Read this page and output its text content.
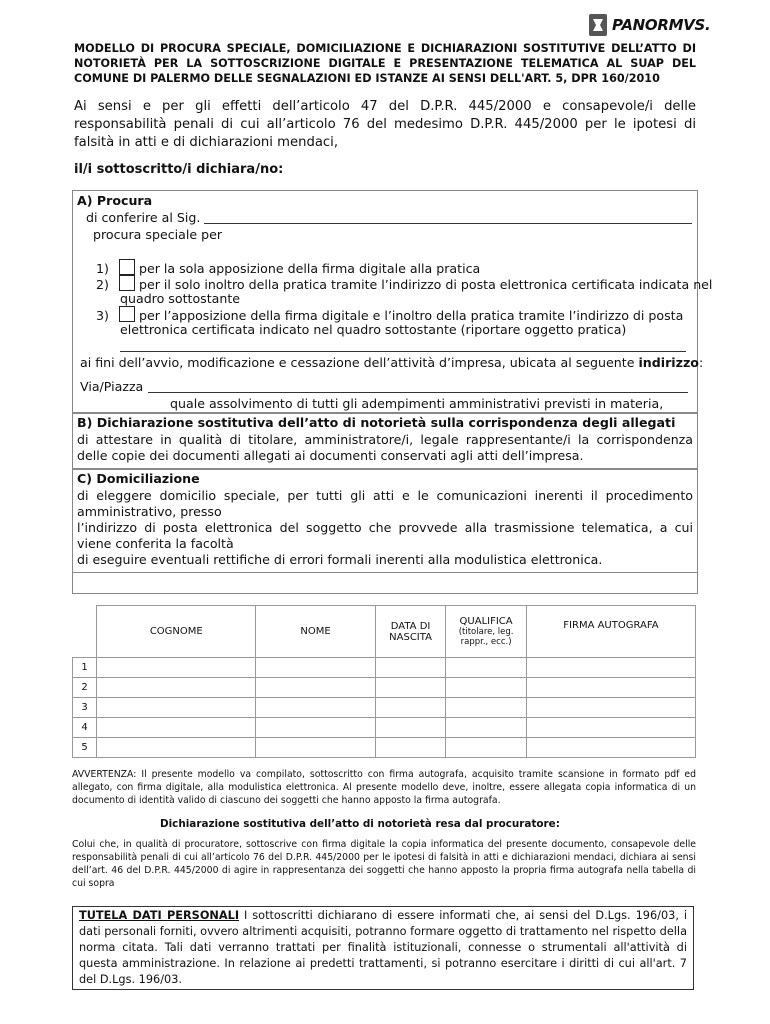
PANORMVS.
MODELLO DI PROCURA SPECIALE, DOMICILIAZIONE E DICHIARAZIONI SOSTITUTIVE DELL’ATTO DI NOTORIETÀ PER LA SOTTOSCRIZIONE DIGITALE E PRESENTAZIONE TELEMATICA AL SUAP DEL COMUNE DI PALERMO DELLE SEGNALAZIONI ED ISTANZE AI SENSI DELL'ART. 5, DPR 160/2010
Ai sensi e per gli effetti dell’articolo 47 del D.P.R. 445/2000 e consapevole/i delle responsabilità penali di cui all’articolo 76 del medesimo D.P.R. 445/2000 per le ipotesi di falsità in atti e di dichiarazioni mendaci,
il/i sottoscritto/i dichiara/no:
A) Procura
di conferire al Sig.
procura speciale per
1) per la sola apposizione della firma digitale alla pratica
2) per il solo inoltro della pratica tramite l’indirizzo di posta elettronica certificata indicata nel
quadro sottostante
3) per l’apposizione della firma digitale e l’inoltro della pratica tramite l’indirizzo di posta
elettronica certificata indicato nel quadro sottostante (riportare oggetto pratica)
ai fini dell’avvio, modificazione e cessazione dell’attività d’impresa, ubicata al seguente indirizzo:
Via/Piazza
quale assolvimento di tutti gli adempimenti amministrativi previsti in materia,
B) Dichiarazione sostitutiva dell’atto di notorietà sulla corrispondenza degli allegati
di attestare in qualità di titolare, amministratore/i, legale rappresentante/i la corrispondenza delle copie dei documenti allegati ai documenti conservati agli atti dell’impresa.
C) Domiciliazione
di eleggere domicilio speciale, per tutti gli atti e le comunicazioni inerenti il procedimento amministrativo, presso
l’indirizzo di posta elettronica del soggetto che provvede alla trasmissione telematica, a cui viene conferita la facoltà
di eseguire eventuali rettifiche di errori formali inerenti alla modulistica elettronica.
	COGNOME	NOME	DATA DI NASCITA	QUALIFICA
(titolare, leg. rappr., ecc.)	FIRMA AUTOGRAFA
1					
2					
3					
4					
5					
AVVERTENZA: Il presente modello va compilato, sottoscritto con firma autografa, acquisito tramite scansione in formato pdf ed allegato, con firma digitale, alla modulistica elettronica. Al presente modello deve, inoltre, essere allegata copia informatica di un documento di identità valido di ciascuno dei soggetti che hanno apposto la firma autografa.
Dichiarazione sostitutiva dell’atto di notorietà resa dal procuratore:
Colui che, in qualità di procuratore, sottoscrive con firma digitale la copia informatica del presente documento, consapevole delle responsabilità penali di cui all’articolo 76 del D.P.R. 445/2000 per le ipotesi di falsità in atti e dichiarazioni mendaci, dichiara ai sensi dell’art. 46 del D.P.R. 445/2000 di agire in rappresentanza dei soggetti che hanno apposto la propria firma autografa nella tabella di cui sopra
TUTELA DATI PERSONALI I sottoscritti dichiarano di essere informati che, ai sensi del D.Lgs. 196/03, i dati personali forniti, ovvero altrimenti acquisiti, potranno formare oggetto di trattamento nel rispetto della norma citata. Tali dati verranno trattati per finalità istituzionali, connesse o strumentali all'attività di questa amministrazione. In relazione ai predetti trattamenti, si potranno esercitare i diritti di cui all'art. 7 del D.Lgs. 196/03.
